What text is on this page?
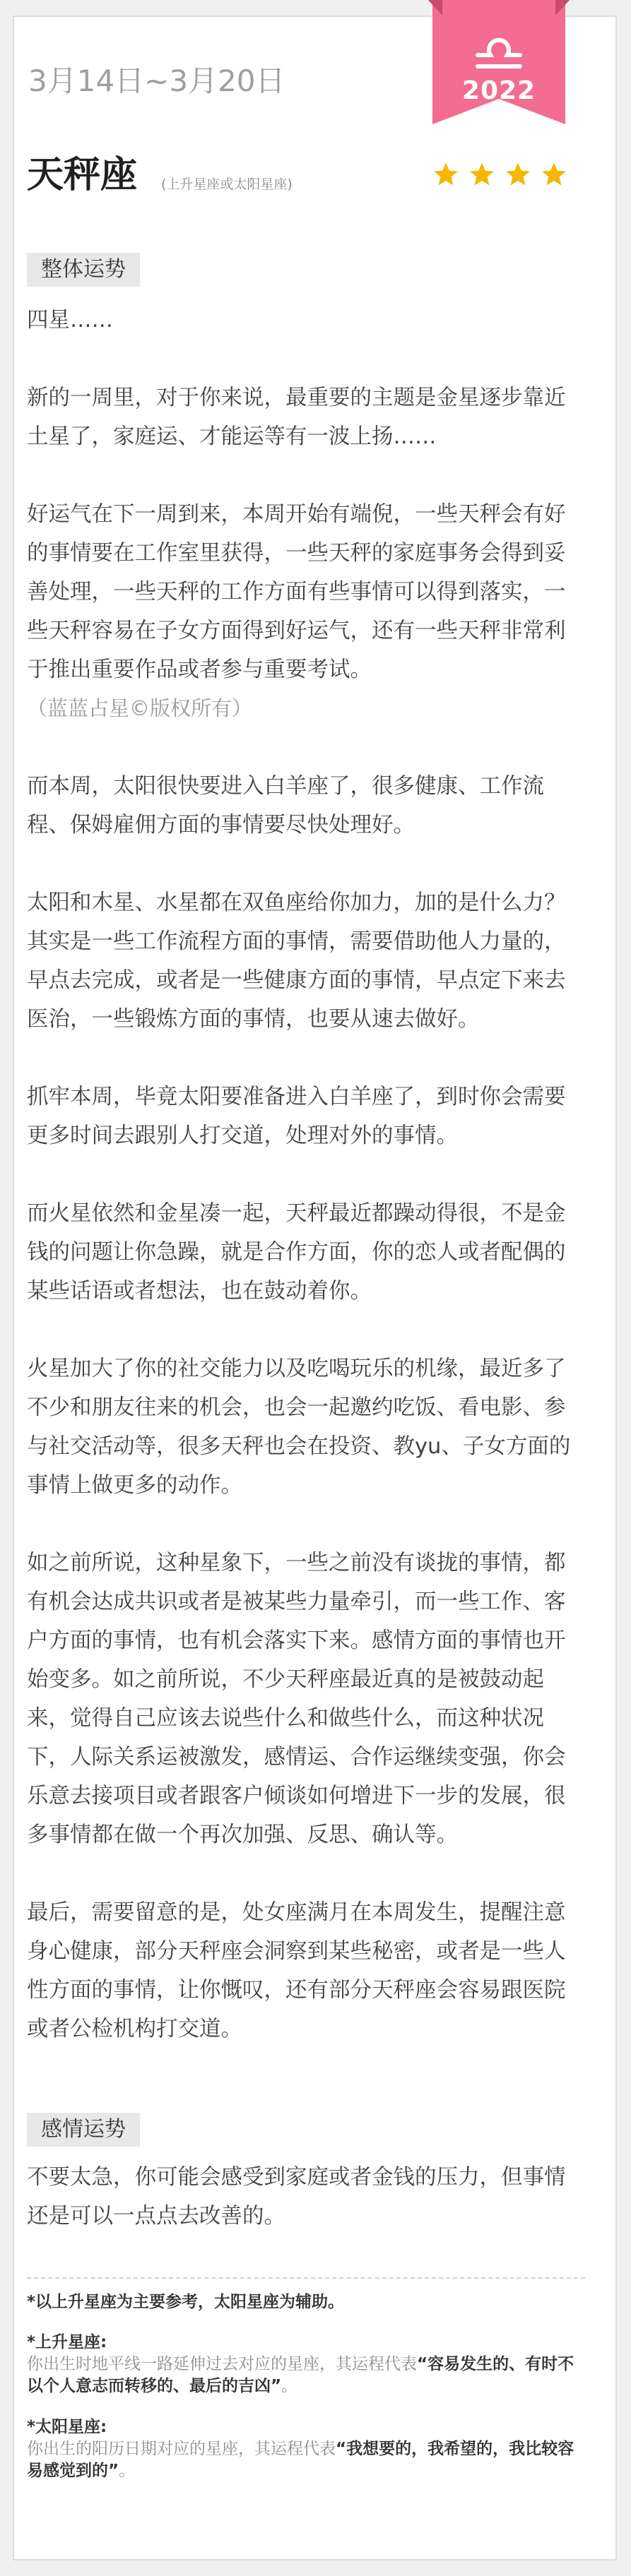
2022
3月14日~3月20日
天秤座 (上升星座或太阳星座)
整体运势

四星……

新的一周里，对于你来说，最重要的主题是金星逐步靠近土星了，家庭运、才能运等有一波上扬……

好运气在下一周到来，本周开始有端倪，一些天秤会有好的事情要在工作室里获得，一些天秤的家庭事务会得到妥善处理，一些天秤的工作方面有些事情可以得到落实，一些天秤容易在子女方面得到好运气，还有一些天秤非常利于推出重要作品或者参与重要考试。（蓝蓝占星©版权所有）

而本周，太阳很快要进入白羊座了，很多健康、工作流程、保姆雇佣方面的事情要尽快处理好。

太阳和木星、水星都在双鱼座给你加力，加的是什么力？其实是一些工作流程方面的事情，需要借助他人力量的，早点去完成，或者是一些健康方面的事情，早点定下来去医治，一些锻炼方面的事情，也要从速去做好。

抓牢本周，毕竟太阳要准备进入白羊座了，到时你会需要更多时间去跟别人打交道，处理对外的事情。

而火星依然和金星凑一起，天秤最近都躁动得很，不是金钱的问题让你急躁，就是合作方面，你的恋人或者配偶的某些话语或者想法，也在鼓动着你。

火星加大了你的社交能力以及吃喝玩乐的机缘，最近多了不少和朋友往来的机会，也会一起邀约吃饭、看电影、参与社交活动等，很多天秤也会在投资、教yu、子女方面的事情上做更多的动作。

如之前所说，这种星象下，一些之前没有谈拢的事情，都有机会达成共识或者是被某些力量牵引，而一些工作、客户方面的事情，也有机会落实下来。感情方面的事情也开始变多。如之前所说，不少天秤座最近真的是被鼓动起来，觉得自己应该去说些什么和做些什么，而这种状况下，人际关系运被激发，感情运、合作运继续变强，你会乐意去接项目或者跟客户倾谈如何增进下一步的发展，很多事情都在做一个再次加强、反思、确认等。

最后，需要留意的是，处女座满月在本周发生，提醒注意身心健康，部分天秤座会洞察到某些秘密，或者是一些人性方面的事情，让你慨叹，还有部分天秤座会容易跟医院或者公检机构打交道。

感情运势

不要太急，你可能会感受到家庭或者金钱的压力，但事情还是可以一点点去改善的。

*以上升星座为主要参考，太阳星座为辅助。
*上升星座:
你出生时地平线一路延伸过去对应的星座，其运程代表“容易发生的、有时不以个人意志而转移的、最后的吉凶”。
*太阳星座:
你出生的阳历日期对应的星座，其运程代表“我想要的，我希望的，我比较容易感觉到的”。
